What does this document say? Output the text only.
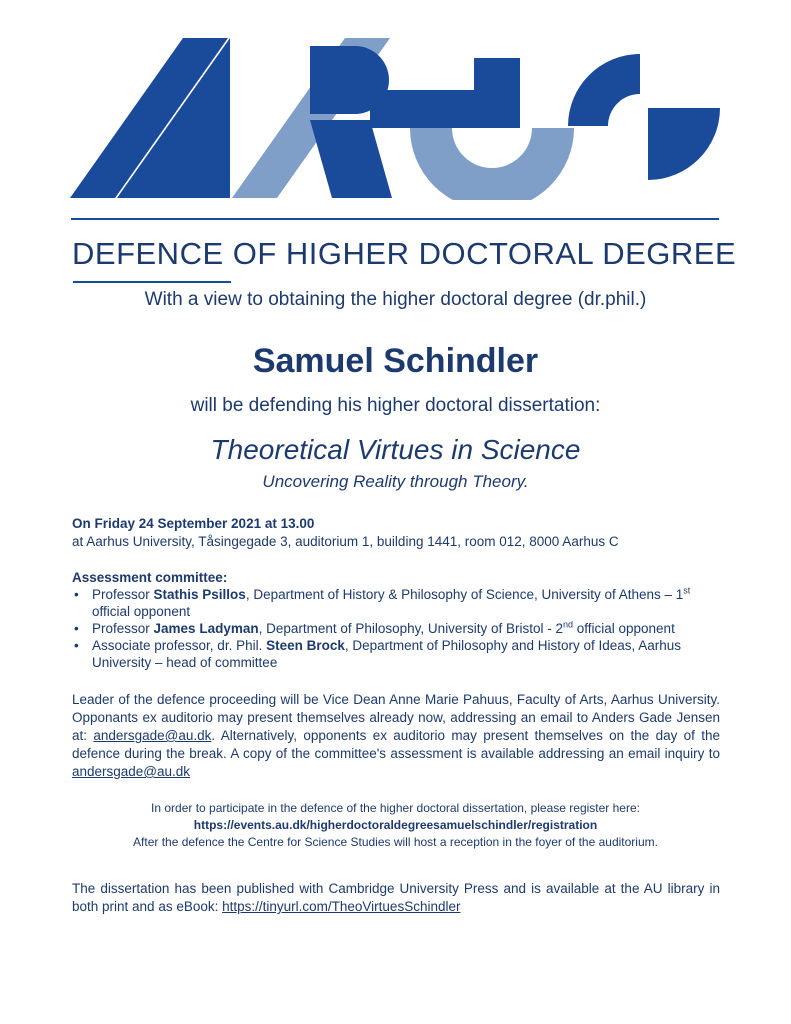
DEFENCE OF HIGHER DOCTORAL DEGREE
With a view to obtaining the higher doctoral degree (dr.phil.)
Samuel Schindler
will be defending his higher doctoral dissertation:
Theoretical Virtues in Science
Uncovering Reality through Theory.
On Friday 24 September 2021 at 13.00
at Aarhus University, Tåsingegade 3, auditorium 1, building 1441, room 012, 8000 Aarhus C
Assessment committee:
• Professor Stathis Psillos, Department of History & Philosophy of Science, University of Athens – 1st official opponent
• Professor James Ladyman, Department of Philosophy, University of Bristol - 2nd official opponent
• Associate professor, dr. Phil. Steen Brock, Department of Philosophy and History of Ideas, Aarhus University – head of committee
Leader of the defence proceeding will be Vice Dean Anne Marie Pahuus, Faculty of Arts, Aarhus University. Opponants ex auditorio may present themselves already now, addressing an email to Anders Gade Jensen at: andersgade@au.dk. Alternatively, opponents ex auditorio may present themselves on the day of the defence during the break. A copy of the committee's assessment is available addressing an email inquiry to andersgade@au.dk
In order to participate in the defence of the higher doctoral dissertation, please register here:
https://events.au.dk/higherdoctoraldegreesamuelschindler/registration
After the defence the Centre for Science Studies will host a reception in the foyer of the auditorium.
The dissertation has been published with Cambridge University Press and is available at the AU library in both print and as eBook: https://tinyurl.com/TheoVirtuesSchindler
